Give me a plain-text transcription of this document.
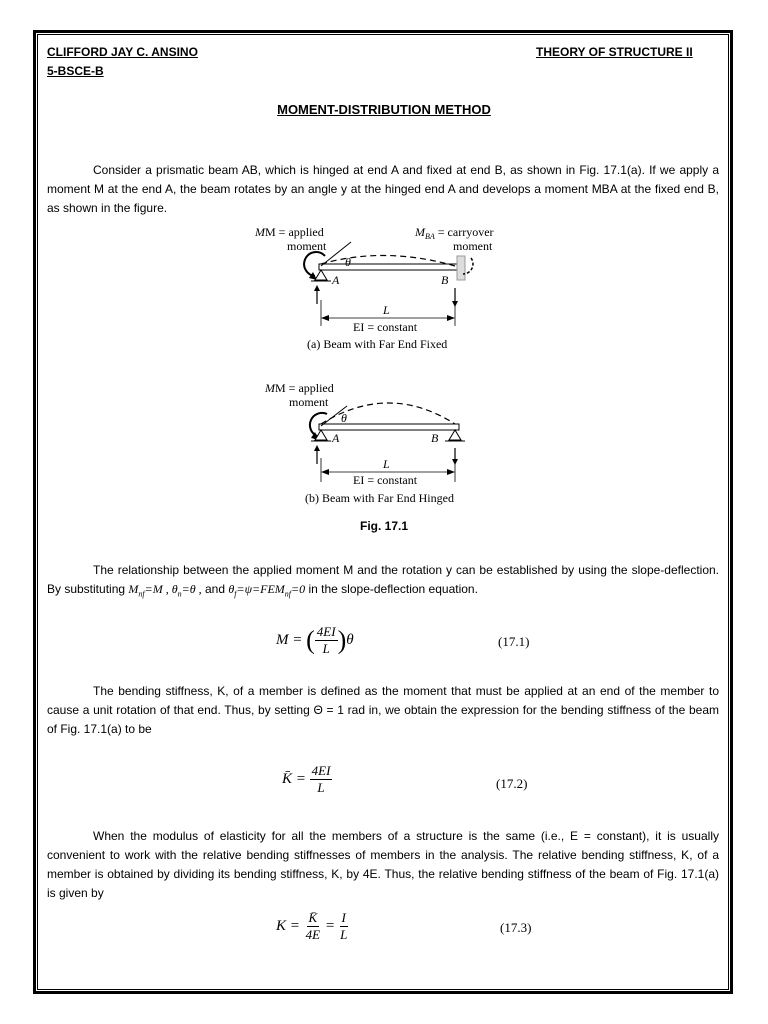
CLIFFORD JAY C. ANSINO
5-BSCE-B
THEORY OF STRUCTURE II
MOMENT-DISTRIBUTION METHOD

Consider a prismatic beam AB, which is hinged at end A and fixed at end B, as shown in Fig. 17.1(a). If we apply a moment M at the end A, the beam rotates by an angle y at the hinged end A and develops a moment MBA at the fixed end B, as shown in the figure.

MM = applied
moment
$M_{BA}$ = carryover
moment
θ
A	B
L
EI = constant
(a) Beam with Far End Fixed
MM = applied
moment
θ
A	B
L
EI = constant
(b) Beam with Far End Hinged
Fig. 17.1

The relationship between the applied moment M and the rotation y can be established by using the slope-deflection. By substituting $M_{nf}=M$ , $\theta_n=\theta$ , and $\theta_f=\psi=FEM_{nf}=0$ in the slope-deflection equation.

M = ( $\frac{4EI}{L} )\theta$	(17.1)

The bending stiffness, K, of a member is defined as the moment that must be applied at an end of the member to cause a unit rotation of that end. Thus, by setting Θ = 1 rad in, we obtain the expression for the bending stiffness of the beam of Fig. 17.1(a) to be

K̄ = $\frac{4EI}{L}$	(17.2)

When the modulus of elasticity for all the members of a structure is the same (i.e., E = constant), it is usually convenient to work with the relative bending stiffnesses of members in the analysis. The relative bending stiffness, K, of a member is obtained by dividing its bending stiffness, K, by 4E. Thus, the relative bending stiffness of the beam of Fig. 17.1(a) is given by

$K = \frac{K̄}{4E} = \frac{I}{L}$	(17.3)
